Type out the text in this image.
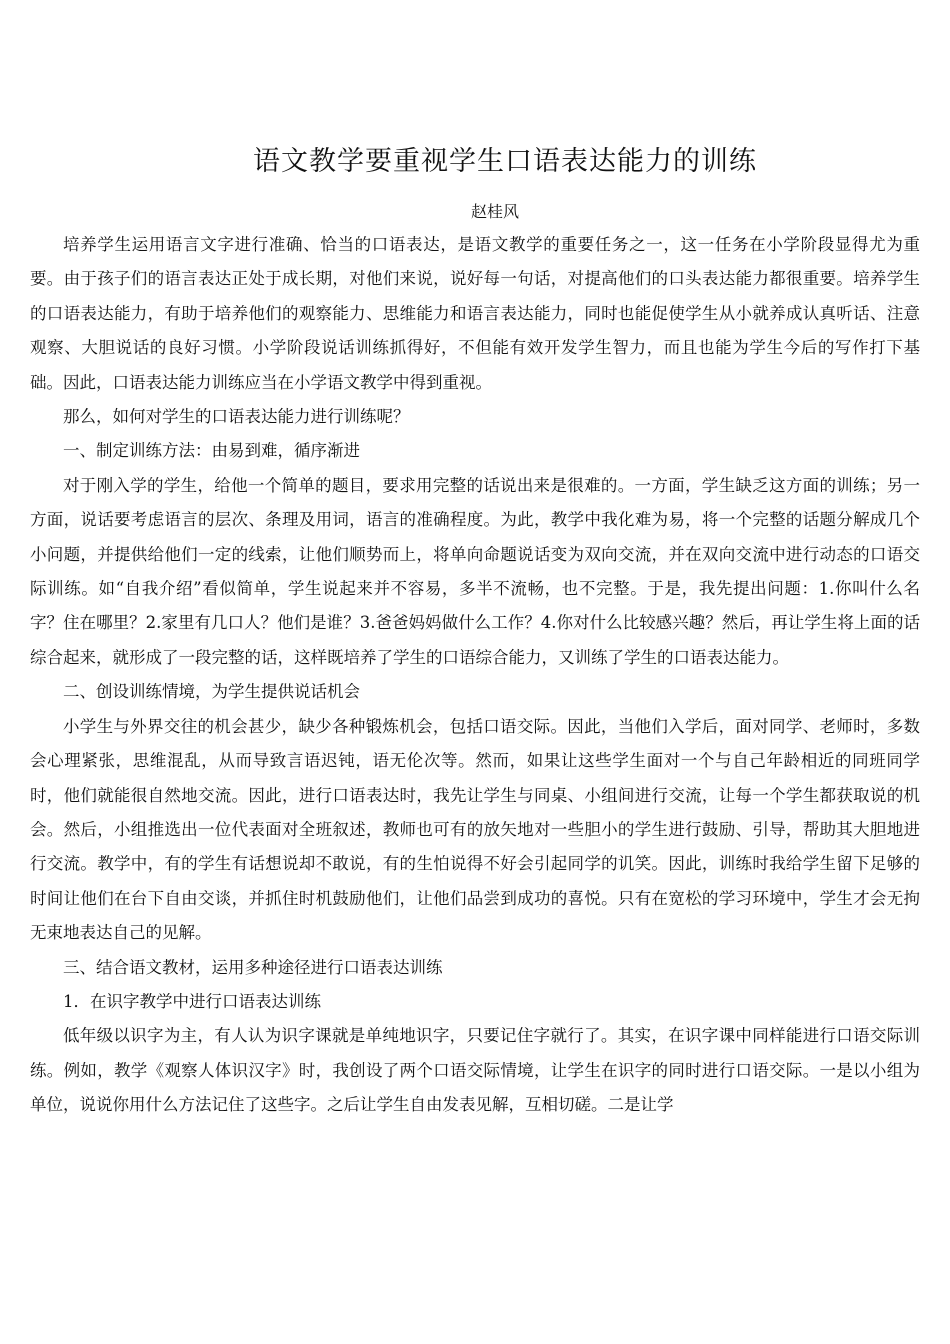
语文教学要重视学生口语表达能力的训练
赵桂风

培养学生运用语言文字进行准确、恰当的口语表达，是语文教学的重要任务之一，这一任务在小学阶段显得尤为重要。由于孩子们的语言表达正处于成长期，对他们来说，说好每一句话，对提高他们的口头表达能力都很重要。培养学生的口语表达能力，有助于培养他们的观察能力、思维能力和语言表达能力，同时也能促使学生从小就养成认真听话、注意观察、大胆说话的良好习惯。小学阶段说话训练抓得好，不但能有效开发学生智力，而且也能为学生今后的写作打下基础。因此，口语表达能力训练应当在小学语文教学中得到重视。

那么，如何对学生的口语表达能力进行训练呢？

一、制定训练方法：由易到难，循序渐进

对于刚入学的学生，给他一个简单的题目，要求用完整的话说出来是很难的。一方面，学生缺乏这方面的训练；另一方面，说话要考虑语言的层次、条理及用词，语言的准确程度。为此，教学中我化难为易，将一个完整的话题分解成几个小问题，并提供给他们一定的线索，让他们顺势而上，将单向命题说话变为双向交流，并在双向交流中进行动态的口语交际训练。如“自我介绍”看似简单，学生说起来并不容易，多半不流畅，也不完整。于是，我先提出问题：1.你叫什么名字？住在哪里？2.家里有几口人？他们是谁？3.爸爸妈妈做什么工作？4.你对什么比较感兴趣？然后，再让学生将上面的话综合起来，就形成了一段完整的话，这样既培养了学生的口语综合能力，又训练了学生的口语表达能力。

二、创设训练情境，为学生提供说话机会

小学生与外界交往的机会甚少，缺少各种锻炼机会，包括口语交际。因此，当他们入学后，面对同学、老师时，多数会心理紧张，思维混乱，从而导致言语迟钝，语无伦次等。然而，如果让这些学生面对一个与自己年龄相近的同班同学时，他们就能很自然地交流。因此，进行口语表达时，我先让学生与同桌、小组间进行交流，让每一个学生都获取说的机会。然后，小组推选出一位代表面对全班叙述，教师也可有的放矢地对一些胆小的学生进行鼓励、引导，帮助其大胆地进行交流。教学中，有的学生有话想说却不敢说，有的生怕说得不好会引起同学的讥笑。因此，训练时我给学生留下足够的时间让他们在台下自由交谈，并抓住时机鼓励他们，让他们品尝到成功的喜悦。只有在宽松的学习环境中，学生才会无拘无束地表达自己的见解。

三、结合语文教材，运用多种途径进行口语表达训练

1．在识字教学中进行口语表达训练

低年级以识字为主，有人认为识字课就是单纯地识字，只要记住字就行了。其实，在识字课中同样能进行口语交际训练。例如，教学《观察人体识汉字》时，我创设了两个口语交际情境，让学生在识字的同时进行口语交际。一是以小组为单位，说说你用什么方法记住了这些字。之后让学生自由发表见解，互相切磋。二是让学
